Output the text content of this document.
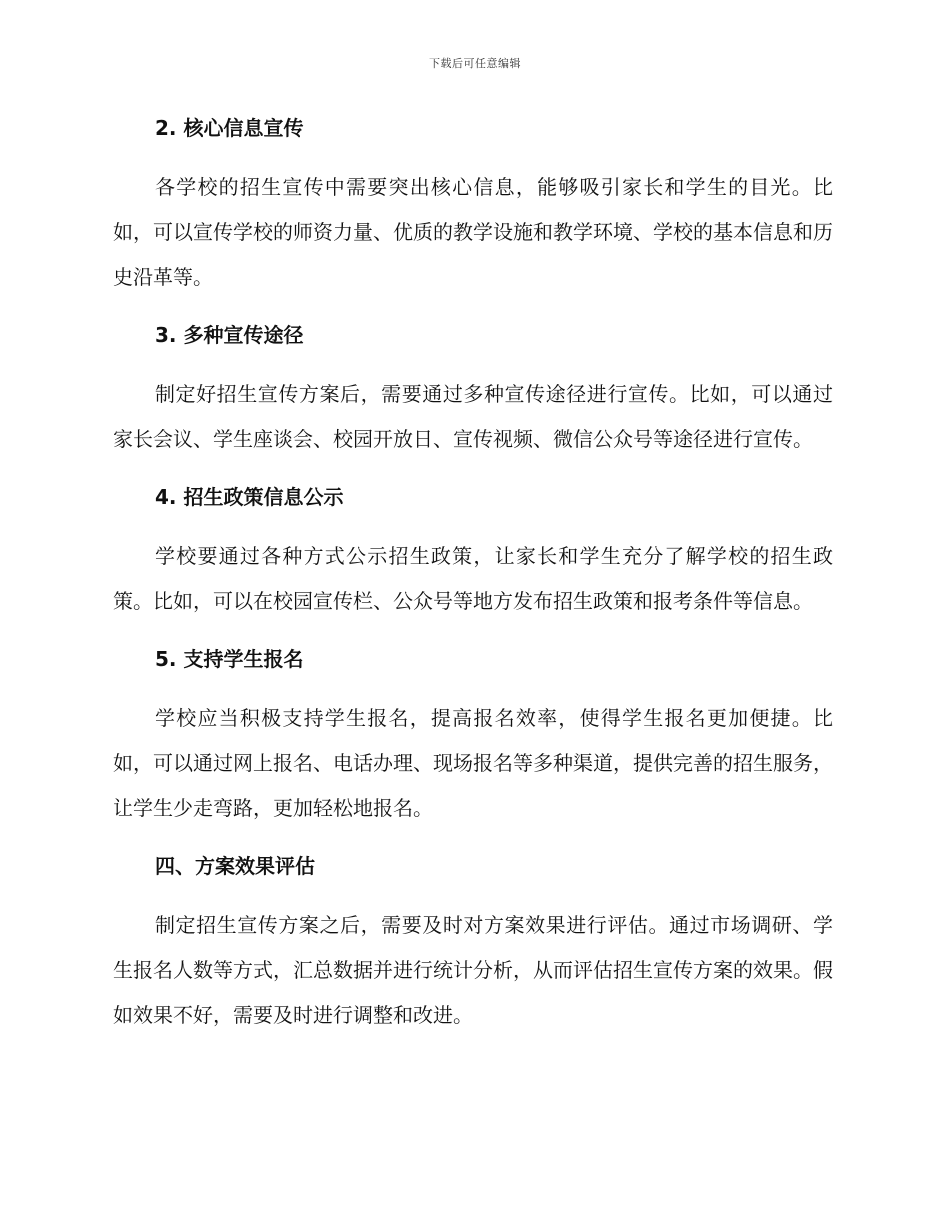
下载后可任意编辑
2. 核心信息宣传

各学校的招生宣传中需要突出核心信息，能够吸引家长和学生的目光。比如，可以宣传学校的师资力量、优质的教学设施和教学环境、学校的基本信息和历史沿革等。

3. 多种宣传途径

制定好招生宣传方案后，需要通过多种宣传途径进行宣传。比如，可以通过家长会议、学生座谈会、校园开放日、宣传视频、微信公众号等途径进行宣传。

4. 招生政策信息公示

学校要通过各种方式公示招生政策，让家长和学生充分了解学校的招生政策。比如，可以在校园宣传栏、公众号等地方发布招生政策和报考条件等信息。

5. 支持学生报名

学校应当积极支持学生报名，提高报名效率，使得学生报名更加便捷。比如，可以通过网上报名、电话办理、现场报名等多种渠道，提供完善的招生服务，让学生少走弯路，更加轻松地报名。

四、方案效果评估

制定招生宣传方案之后，需要及时对方案效果进行评估。通过市场调研、学生报名人数等方式，汇总数据并进行统计分析，从而评估招生宣传方案的效果。假如效果不好，需要及时进行调整和改进。
